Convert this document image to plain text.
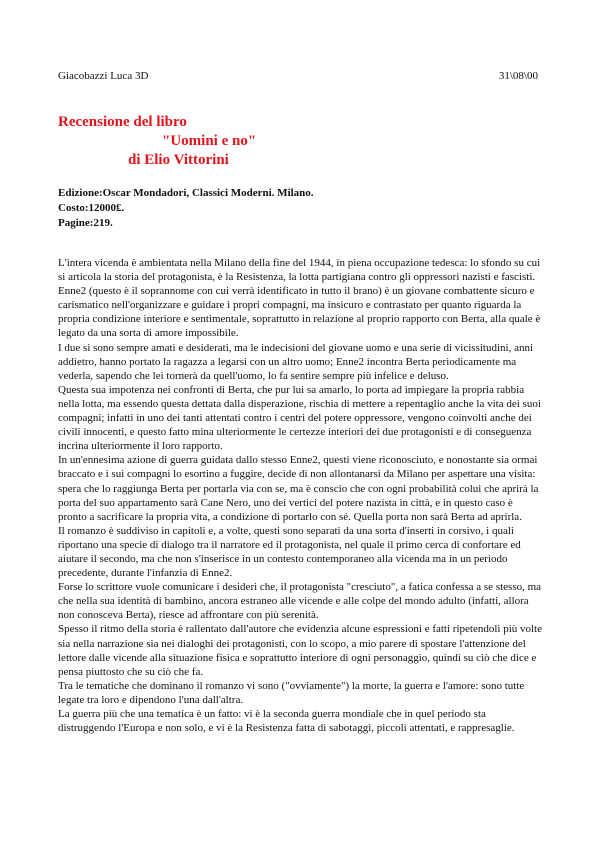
Giacobazzi Luca 3D	31\08\00
Recensione del libro
"Uomini e no"
di Elio Vittorini
Edizione:Oscar Mondadori, Classici Moderni. Milano.
Costo:12000₤.
Pagine:219.

L'intera vicenda è ambientata nella Milano della fine del 1944, in piena occupazione tedesca: lo sfondo su cui si articola la storia del protagonista, è la Resistenza, la lotta partigiana contro gli oppressori nazisti e fascisti.

Enne2 (questo è il soprannome con cui verrà identificato in tutto il brano) è un giovane combattente sicuro e carismatico nell'organizzare e guidare i propri compagni, ma insicuro e contrastato per quanto riguarda la propria condizione interiore e sentimentale, soprattutto in relazione al proprio rapporto con Berta, alla quale è legato da una sorta di amore impossibile.

I due si sono sempre amati e desiderati, ma le indecisioni del giovane uomo e una serie di vicissitudini, anni addietro, hanno portato la ragazza a legarsi con un altro uomo; Enne2 incontra Berta periodicamente ma vederla, sapendo che lei tornerà da quell'uomo, lo fa sentire sempre più infelice e deluso.

Questa sua impotenza nei confronti di Berta, che pur lui sa amarlo, lo porta ad impiegare la propria rabbia nella lotta, ma essendo questa dettata dalla disperazione, rischia di mettere a repentaglio anche la vita dei suoi compagni; infatti in uno dei tanti attentati contro i centri del potere oppressore, vengono coinvolti anche dei civili innocenti, e questo fatto mina ulteriormente le certezze interiori dei due protagonisti e di conseguenza incrina ulteriormente il loro rapporto.

In un'ennesima azione di guerra guidata dallo stesso Enne2, questi viene riconosciuto, e nonostante sia ormai braccato e i sui compagni lo esortino a fuggire, decide di non allontanarsi da Milano per aspettare una visita: spera che lo raggiunga Berta per portarla via con se, ma è conscio che con ogni probabilità colui che aprirà la porta del suo appartamento sarà Cane Nero, uno dei vertici del potere nazista in città, e in questo caso è pronto a sacrificare la propria vita, a condizione di portarlo con sé. Quella porta non sarà Berta ad aprirla.

Il romanzo è suddiviso in capitoli e, a volte, questi sono separati da una sorta d'inserti in corsivo, i quali riportano una specie di dialogo tra il narratore ed il protagonista, nel quale il primo cerca di confortare ed aiutare il secondo, ma che non s'inserisce in un contesto contemporaneo alla vicenda ma in un periodo precedente, durante l'infanzia di Enne2.

Forse lo scrittore vuole comunicare i desideri che, il protagonista "cresciuto", a fatica confessa a se stesso, ma che nella sua identità di bambino, ancora estraneo alle vicende e alle colpe del mondo adulto (infatti, allora non conosceva Berta), riesce ad affrontare con più serenità.

Spesso il ritmo della storia è rallentato dall'autore che evidenzia alcune espressioni e fatti ripetendoli più volte sia nella narrazione sia nei dialoghi dei protagonisti, con lo scopo, a mio parere di spostare l'attenzione del lettore dalle vicende alla situazione fisica e soprattutto interiore di ogni personaggio, quindi su ciò che dice e pensa piuttosto che su ciò che fa.

Tra le tematiche che dominano il romanzo vi sono ("ovviamente") la morte, la guerra e l'amore: sono tutte legate tra loro e dipendono l'una dall'altra.

La guerra più che una tematica è un fatto: vi è la seconda guerra mondiale che in quel periodo sta distruggendo l'Europa e non solo, e vi è la Resistenza fatta di sabotaggi, piccoli attentati, e rappresaglie.
